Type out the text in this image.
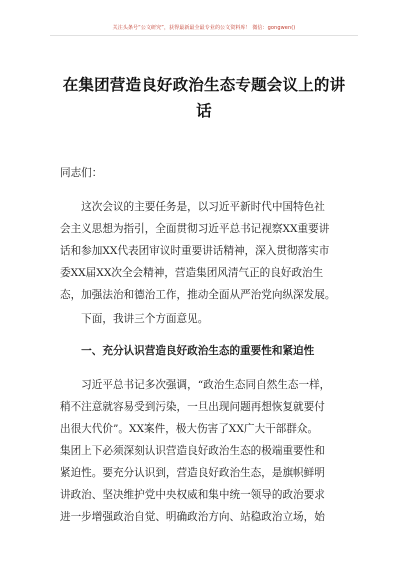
关注头条号“公文研究”，获得最新最全最专业的公文资料库！ 微信：gongwen()
在集团营造良好政治生态专题会议上的讲
话
同志们：
　　这次会议的主要任务是，以习近平新时代中国特色社
会主义思想为指引，全面贯彻习近平总书记视察XX重要讲
话和参加XX代表团审议时重要讲话精神，深入贯彻落实市
委XX届XX次全会精神，营造集团风清气正的良好政治生
态，加强法治和德治工作，推动全面从严治党向纵深发展。
　　下面，我讲三个方面意见。
　　一、充分认识营造良好政治生态的重要性和紧迫性
　　习近平总书记多次强调，“政治生态同自然生态一样，
稍不注意就容易受到污染，一旦出现问题再想恢复就要付
出很大代价”。XX案件，极大伤害了XX广大干部群众。
集团上下必须深刻认识营造良好政治生态的极端重要性和
紧迫性。要充分认识到，营造良好政治生态，是旗帜鲜明
讲政治、坚决维护党中央权威和集中统一领导的政治要求
进一步增强政治自觉、明确政治方向、站稳政治立场，始
